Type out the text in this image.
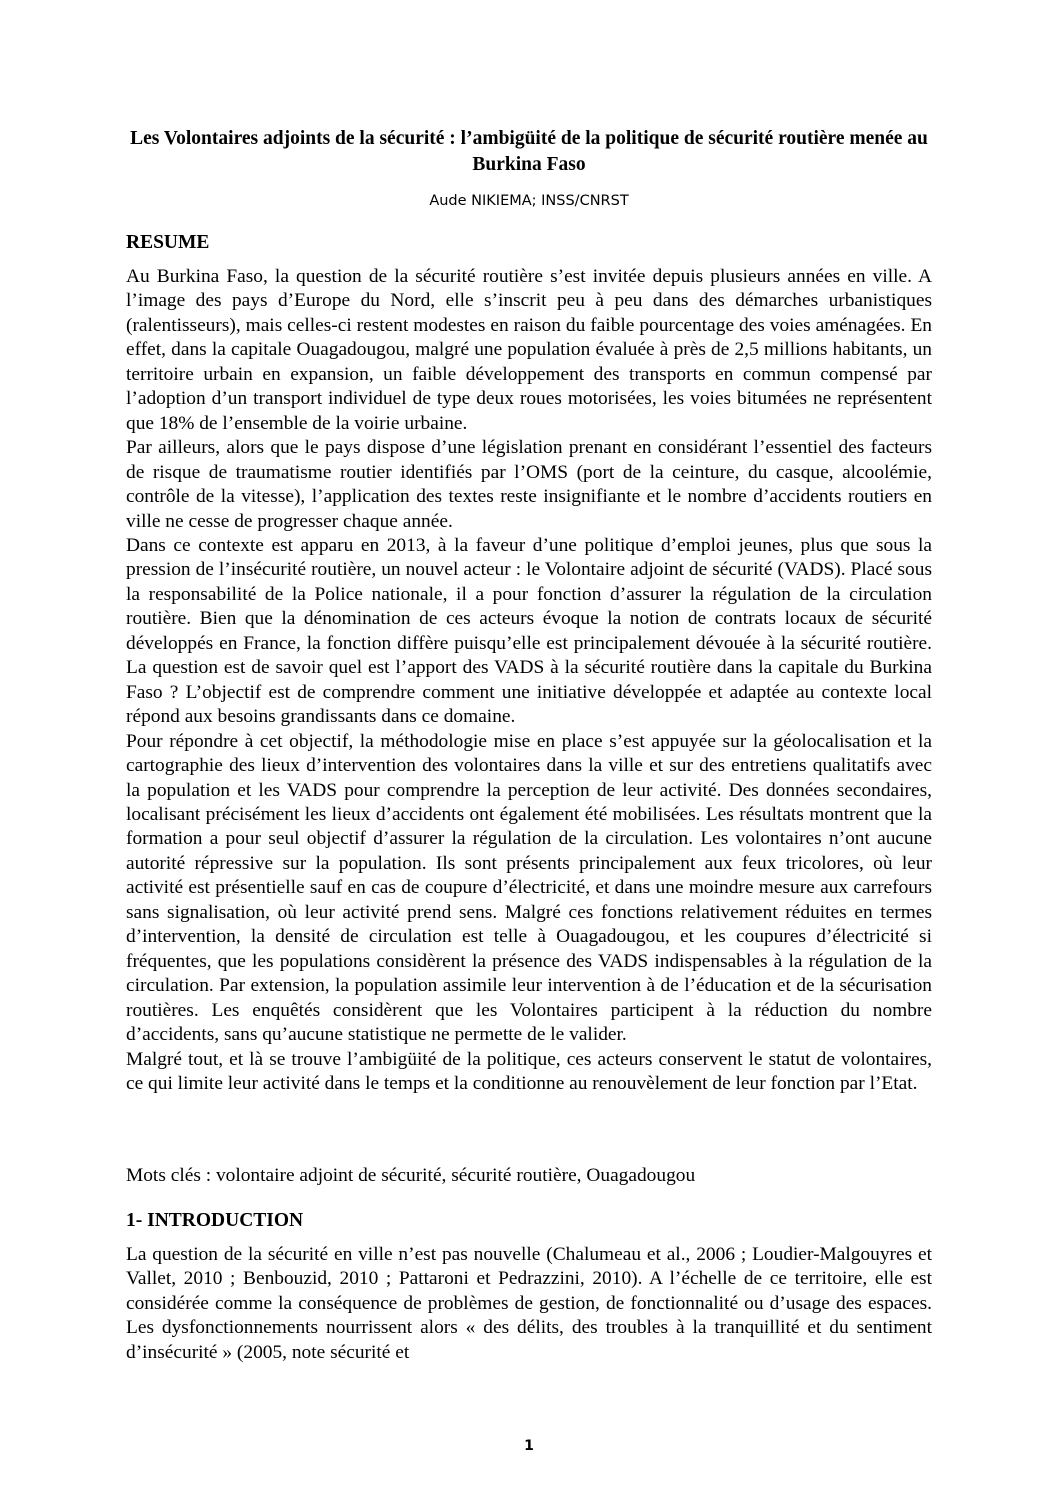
Les Volontaires adjoints de la sécurité : l’ambigüité de la politique de sécurité routière menée au Burkina Faso
Aude NIKIEMA; INSS/CNRST
RESUME

Au Burkina Faso, la question de la sécurité routière s’est invitée depuis plusieurs années en ville. A l’image des pays d’Europe du Nord, elle s’inscrit peu à peu dans des démarches urbanistiques (ralentisseurs), mais celles-ci restent modestes en raison du faible pourcentage des voies aménagées. En effet, dans la capitale Ouagadougou, malgré une population évaluée à près de 2,5 millions habitants, un territoire urbain en expansion, un faible développement des transports en commun compensé par l’adoption d’un transport individuel de type deux roues motorisées, les voies bitumées ne représentent que 18% de l’ensemble de la voirie urbaine.

Par ailleurs, alors que le pays dispose d’une législation prenant en considérant l’essentiel des facteurs de risque de traumatisme routier identifiés par l’OMS (port de la ceinture, du casque, alcoolémie, contrôle de la vitesse), l’application des textes reste insignifiante et le nombre d’accidents routiers en ville ne cesse de progresser chaque année.

Dans ce contexte est apparu en 2013, à la faveur d’une politique d’emploi jeunes, plus que sous la pression de l’insécurité routière, un nouvel acteur : le Volontaire adjoint de sécurité (VADS). Placé sous la responsabilité de la Police nationale, il a pour fonction d’assurer la régulation de la circulation routière. Bien que la dénomination de ces acteurs évoque la notion de contrats locaux de sécurité développés en France, la fonction diffère puisqu’elle est principalement dévouée à la sécurité routière. La question est de savoir quel est l’apport des VADS à la sécurité routière dans la capitale du Burkina Faso ? L’objectif est de comprendre comment une initiative développée et adaptée au contexte local répond aux besoins grandissants dans ce domaine.

Pour répondre à cet objectif, la méthodologie mise en place s’est appuyée sur la géolocalisation et la cartographie des lieux d’intervention des volontaires dans la ville et sur des entretiens qualitatifs avec la population et les VADS pour comprendre la perception de leur activité. Des données secondaires, localisant précisément les lieux d’accidents ont également été mobilisées. Les résultats montrent que la formation a pour seul objectif d’assurer la régulation de la circulation. Les volontaires n’ont aucune autorité répressive sur la population. Ils sont présents principalement aux feux tricolores, où leur activité est présentielle sauf en cas de coupure d’électricité, et dans une moindre mesure aux carrefours sans signalisation, où leur activité prend sens. Malgré ces fonctions relativement réduites en termes d’intervention, la densité de circulation est telle à Ouagadougou, et les coupures d’électricité si fréquentes, que les populations considèrent la présence des VADS indispensables à la régulation de la circulation. Par extension, la population assimile leur intervention à de l’éducation et de la sécurisation routières. Les enquêtés considèrent que les Volontaires participent à la réduction du nombre d’accidents, sans qu’aucune statistique ne permette de le valider.

Malgré tout, et là se trouve l’ambigüité de la politique, ces acteurs conservent le statut de volontaires, ce qui limite leur activité dans le temps et la conditionne au renouvèlement de leur fonction par l’Etat.

Mots clés : volontaire adjoint de sécurité, sécurité routière, Ouagadougou
1- INTRODUCTION

La question de la sécurité en ville n’est pas nouvelle (Chalumeau et al., 2006 ; Loudier-Malgouyres et Vallet, 2010 ; Benbouzid, 2010 ; Pattaroni et Pedrazzini, 2010). A l’échelle de ce territoire, elle est considérée comme la conséquence de problèmes de gestion, de fonctionnalité ou d’usage des espaces. Les dysfonctionnements nourrissent alors « des délits, des troubles à la tranquillité et du sentiment d’insécurité » (2005, note sécurité et

1
